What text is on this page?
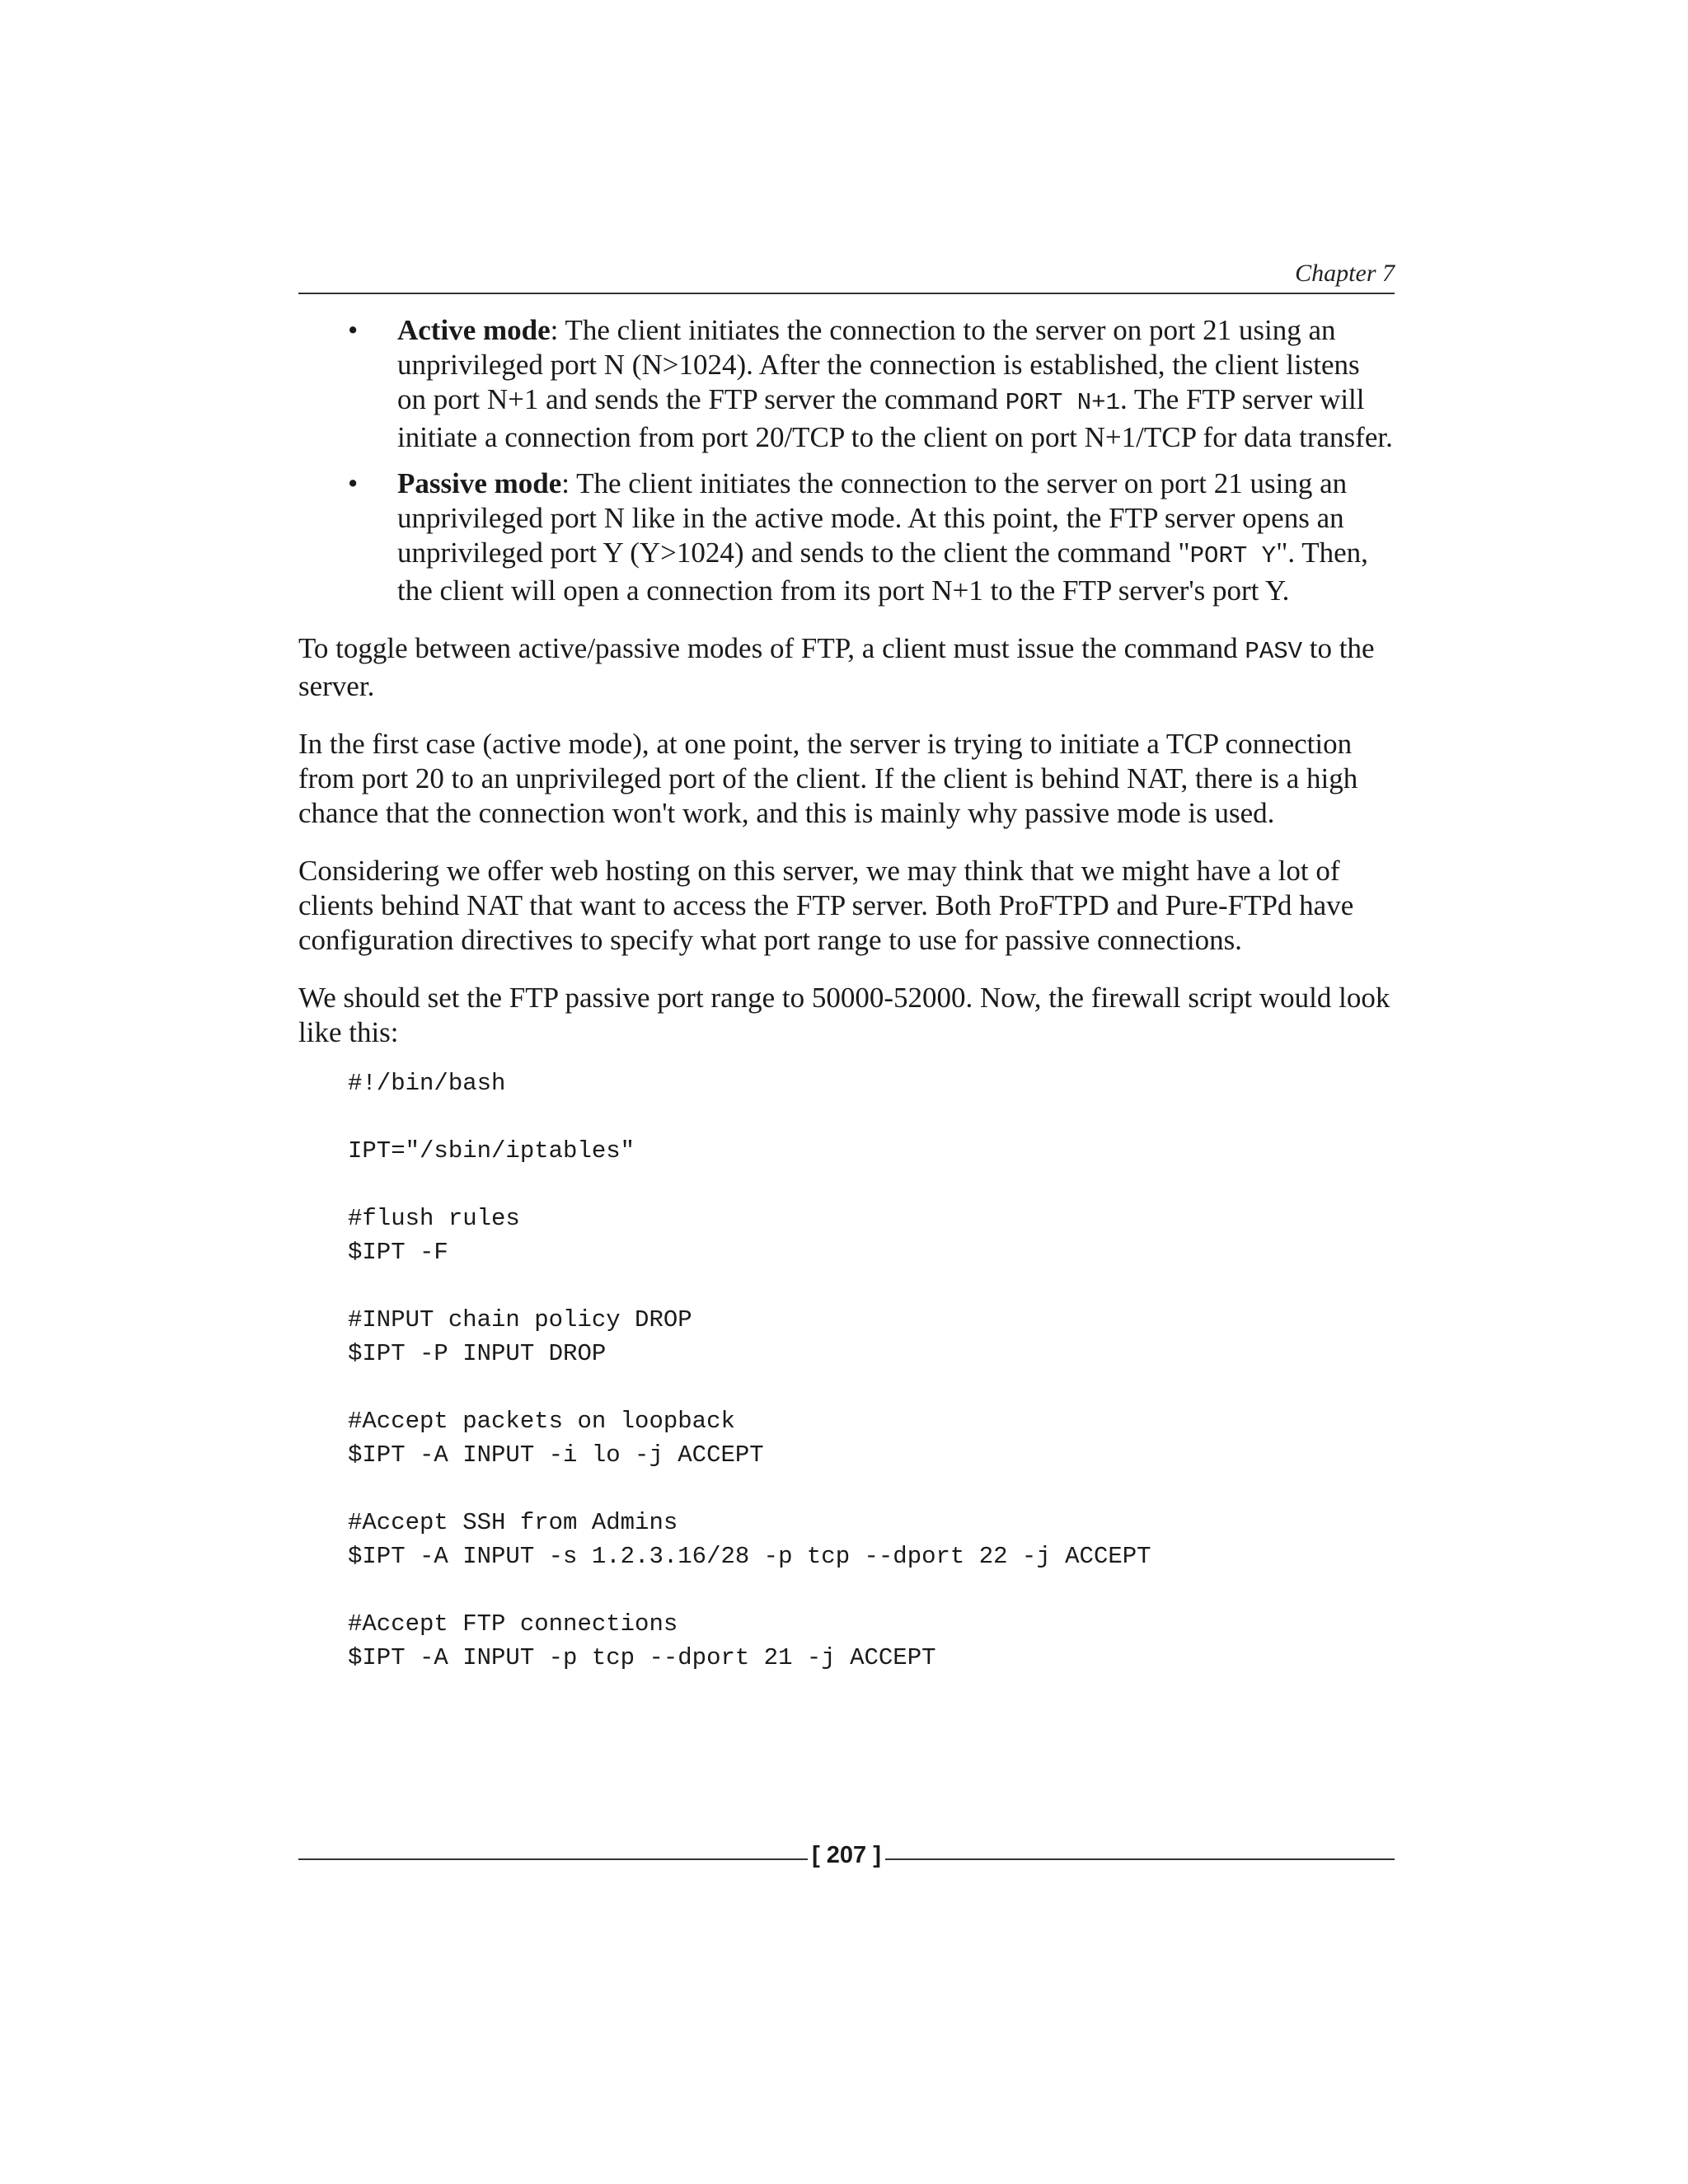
Chapter 7
• Active mode: The client initiates the connection to the server on port 21 using an unprivileged port N (N>1024). After the connection is established, the client listens on port N+1 and sends the FTP server the command PORT N+1. The FTP server will initiate a connection from port 20/TCP to the client on port N+1/TCP for data transfer.
• Passive mode: The client initiates the connection to the server on port 21 using an unprivileged port N like in the active mode. At this point, the FTP server opens an unprivileged port Y (Y>1024) and sends to the client the command "PORT Y". Then, the client will open a connection from its port N+1 to the FTP server's port Y.

To toggle between active/passive modes of FTP, a client must issue the command PASV to the server.

In the first case (active mode), at one point, the server is trying to initiate a TCP connection from port 20 to an unprivileged port of the client. If the client is behind NAT, there is a high chance that the connection won't work, and this is mainly why passive mode is used.

Considering we offer web hosting on this server, we may think that we might have a lot of clients behind NAT that want to access the FTP server. Both ProFTPD and Pure-FTPd have configuration directives to specify what port range to use for passive connections.

We should set the FTP passive port range to 50000-52000. Now, the firewall script would look like this:

#!/bin/bash
IPT="/sbin/iptables"
#flush rules
$IPT -F
#INPUT chain policy DROP
$IPT -P INPUT DROP
#Accept packets on loopback
$IPT -A INPUT -i lo -j ACCEPT
#Accept SSH from Admins
$IPT -A INPUT -s 1.2.3.16/28 -p tcp --dport 22 -j ACCEPT
#Accept FTP connections
$IPT -A INPUT -p tcp --dport 21 -j ACCEPT
[ 207 ]
